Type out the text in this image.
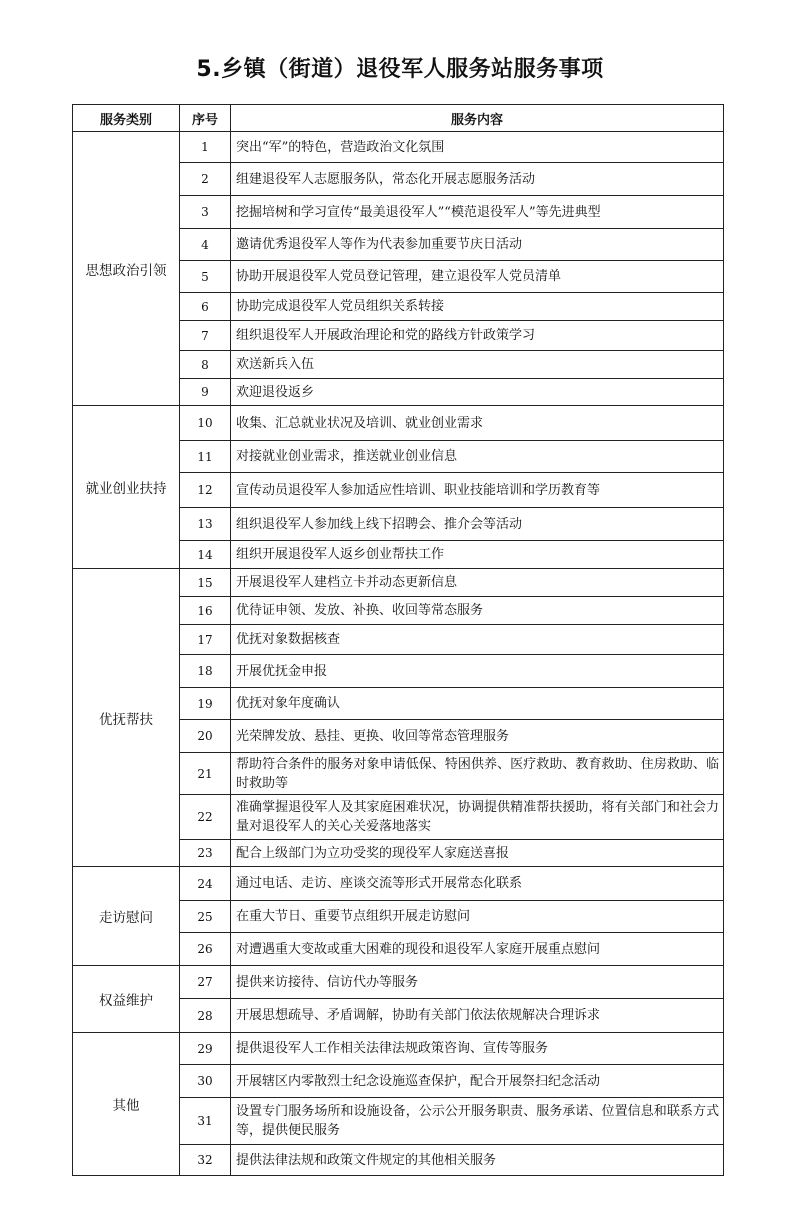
5.乡镇（街道）退役军人服务站服务事项
服务类别	序号	服务内容
思想政治引领	1	突出“军”的特色，营造政治文化氛围
	2	组建退役军人志愿服务队，常态化开展志愿服务活动
	3	挖掘培树和学习宣传“最美退役军人”“模范退役军人”等先进典型
	4	邀请优秀退役军人等作为代表参加重要节庆日活动
	5	协助开展退役军人党员登记管理，建立退役军人党员清单
	6	协助完成退役军人党员组织关系转接
	7	组织退役军人开展政治理论和党的路线方针政策学习
	8	欢送新兵入伍
	9	欢迎退役返乡
就业创业扶持	10	收集、汇总就业状况及培训、就业创业需求
	11	对接就业创业需求，推送就业创业信息
	12	宣传动员退役军人参加适应性培训、职业技能培训和学历教育等
	13	组织退役军人参加线上线下招聘会、推介会等活动
	14	组织开展退役军人返乡创业帮扶工作
优抚帮扶	15	开展退役军人建档立卡并动态更新信息
	16	优待证申领、发放、补换、收回等常态服务
	17	优抚对象数据核查
	18	开展优抚金申报
	19	优抚对象年度确认
	20	光荣牌发放、悬挂、更换、收回等常态管理服务
	21	帮助符合条件的服务对象申请低保、特困供养、医疗救助、教育救助、住房救助、临时救助等
	22	准确掌握退役军人及其家庭困难状况，协调提供精准帮扶援助，将有关部门和社会力量对退役军人的关心关爱落地落实
	23	配合上级部门为立功受奖的现役军人家庭送喜报
走访慰问	24	通过电话、走访、座谈交流等形式开展常态化联系
	25	在重大节日、重要节点组织开展走访慰问
	26	对遭遇重大变故或重大困难的现役和退役军人家庭开展重点慰问
权益维护	27	提供来访接待、信访代办等服务
	28	开展思想疏导、矛盾调解，协助有关部门依法依规解决合理诉求
其他	29	提供退役军人工作相关法律法规政策咨询、宣传等服务
	30	开展辖区内零散烈士纪念设施巡查保护，配合开展祭扫纪念活动
	31	设置专门服务场所和设施设备，公示公开服务职责、服务承诺、位置信息和联系方式等，提供便民服务
	32	提供法律法规和政策文件规定的其他相关服务
